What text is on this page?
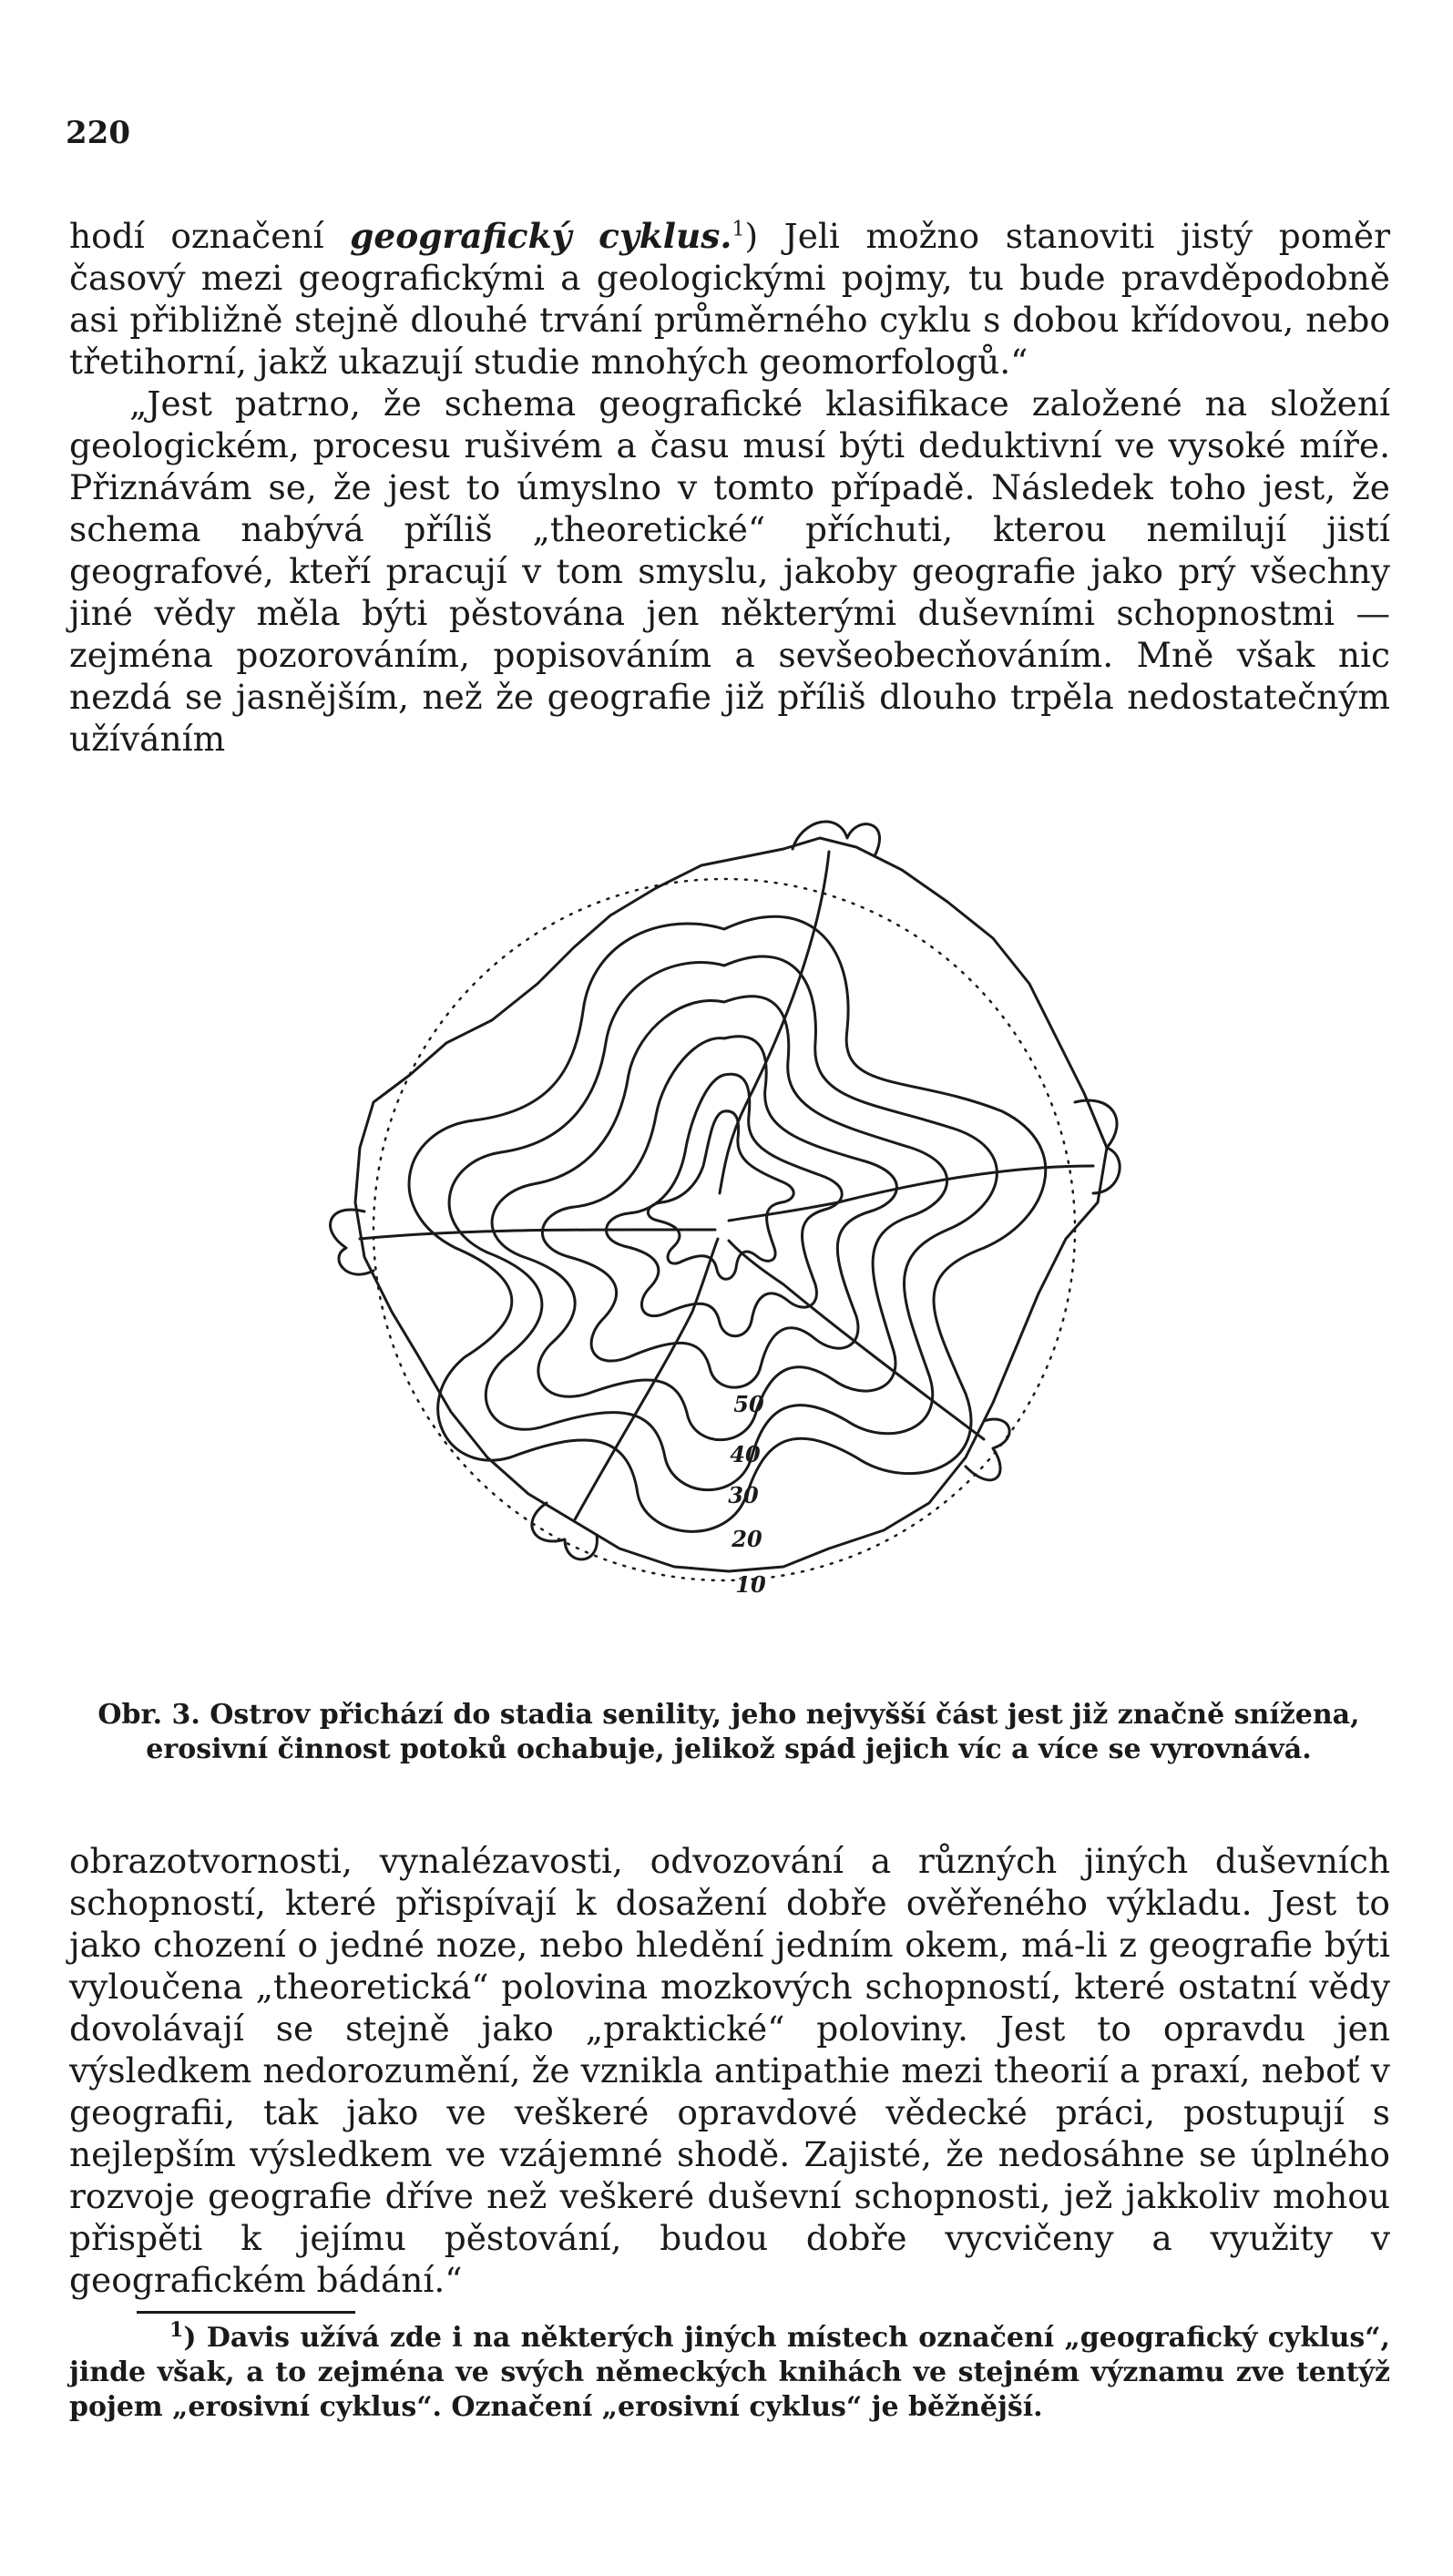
220

hodí označení geografický cyklus.$^1$) Jeli možno stanoviti jistý poměr časový mezi geografickými a geologickými pojmy, tu bude pravděpodobně asi přibližně stejně dlouhé trvání průměrného cyklu s dobou křídovou, nebo třetihorní, jakž ukazují studie mnohých geomorfologů.“

„Jest patrno, že schema geografické klasifikace založené na složení geologickém, procesu rušivém a času musí býti deduktivní ve vysoké míře. Přiznávám se, že jest to úmyslno v tomto případě. Následek toho jest, že schema nabývá příliš „theoretické“ příchuti, kterou nemilují jistí geografové, kteří pracují v tom smyslu, jakoby geografie jako prý všechny jiné vědy měla býti pěstována jen některými duševními schopnostmi — zejména pozorováním, popisováním a sevšeobecňováním. Mně však nic nezdá se jasnějším, než že geografie již příliš dlouho trpěla nedostatečným užíváním

50
40
30
20
10
Obr. 3. Ostrov přichází do stadia senility, jeho nejvyšší část jest již značně snížena,
erosivní činnost potoků ochabuje, jelikož spád jejich víc a více se vyrovnává.

obrazotvornosti, vynalézavosti, odvozování a různých jiných duševních schopností, které přispívají k dosažení dobře ověřeného výkladu. Jest to jako chození o jedné noze, nebo hledění jedním okem, má-li z geografie býti vyloučena „theoretická“ polovina mozkových schopností, které ostatní vědy dovolávají se stejně jako „praktické“ poloviny. Jest to opravdu jen výsledkem nedorozumění, že vznikla antipathie mezi theorií a praxí, neboť v geografii, tak jako ve veškeré opravdové vědecké práci, postupují s nejlepším výsledkem ve vzájemné shodě. Zajisté, že nedosáhne se úplného rozvoje geografie dříve než veškeré duševní schopnosti, jež jakkoliv mohou přispěti k jejímu pěstování, budou dobře vycvičeny a využity v geografickém bádání.“

$^1$) Davis užívá zde i na některých jiných místech označení „geografický cyklus“, jinde však, a to zejména ve svých německých knihách ve stejném významu zve tentýž pojem „erosivní cyklus“. Označení „erosivní cyklus“ je běžnější.
